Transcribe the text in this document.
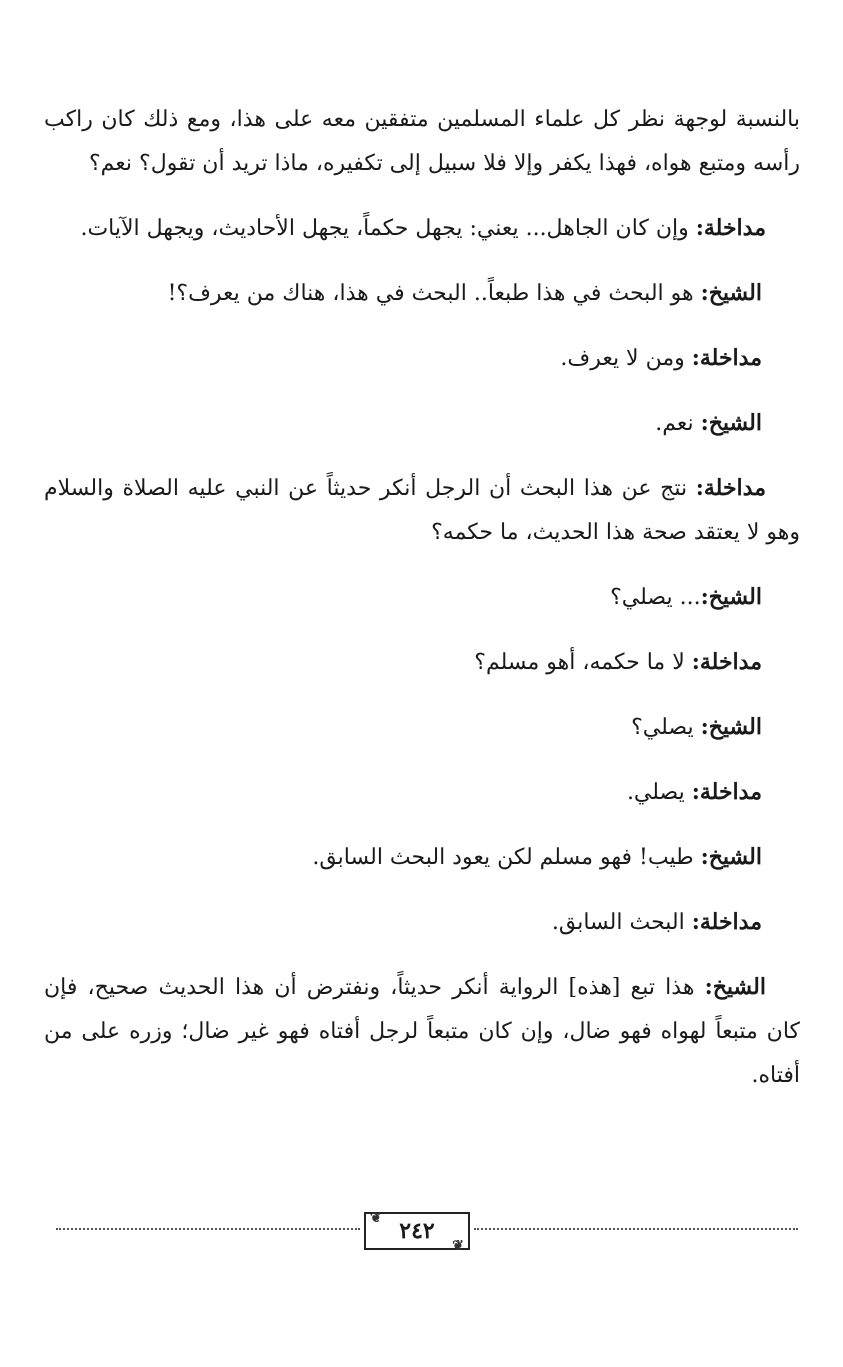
بالنسبة لوجهة نظر كل علماء المسلمين متفقين معه على هذا، ومع ذلك كان راكب رأسه ومتبع هواه، فهذا يكفر وإلا فلا سبيل إلى تكفيره، ماذا تريد أن تقول؟ نعم؟

مداخلة: وإن كان الجاهل... يعني: يجهل حكماً، يجهل الأحاديث، ويجهل الآيات.

الشيخ: هو البحث في هذا طبعاً.. البحث في هذا، هناك من يعرف؟!

مداخلة: ومن لا يعرف.

الشيخ: نعم.

مداخلة: نتج عن هذا البحث أن الرجل أنكر حديثاً عن النبي عليه الصلاة والسلام وهو لا يعتقد صحة هذا الحديث، ما حكمه؟

الشيخ:... يصلي؟

مداخلة: لا ما حكمه، أهو مسلم؟

الشيخ: يصلي؟

مداخلة: يصلي.

الشيخ: طيب! فهو مسلم لكن يعود البحث السابق.

مداخلة: البحث السابق.

الشيخ: هذا تبع [هذه] الرواية أنكر حديثاً، ونفترض أن هذا الحديث صحيح، فإن كان متبعاً لهواه فهو ضال، وإن كان متبعاً لرجل أفتاه فهو غير ضال؛ وزره على من أفتاه.

❦ ٢٤٢
❦
